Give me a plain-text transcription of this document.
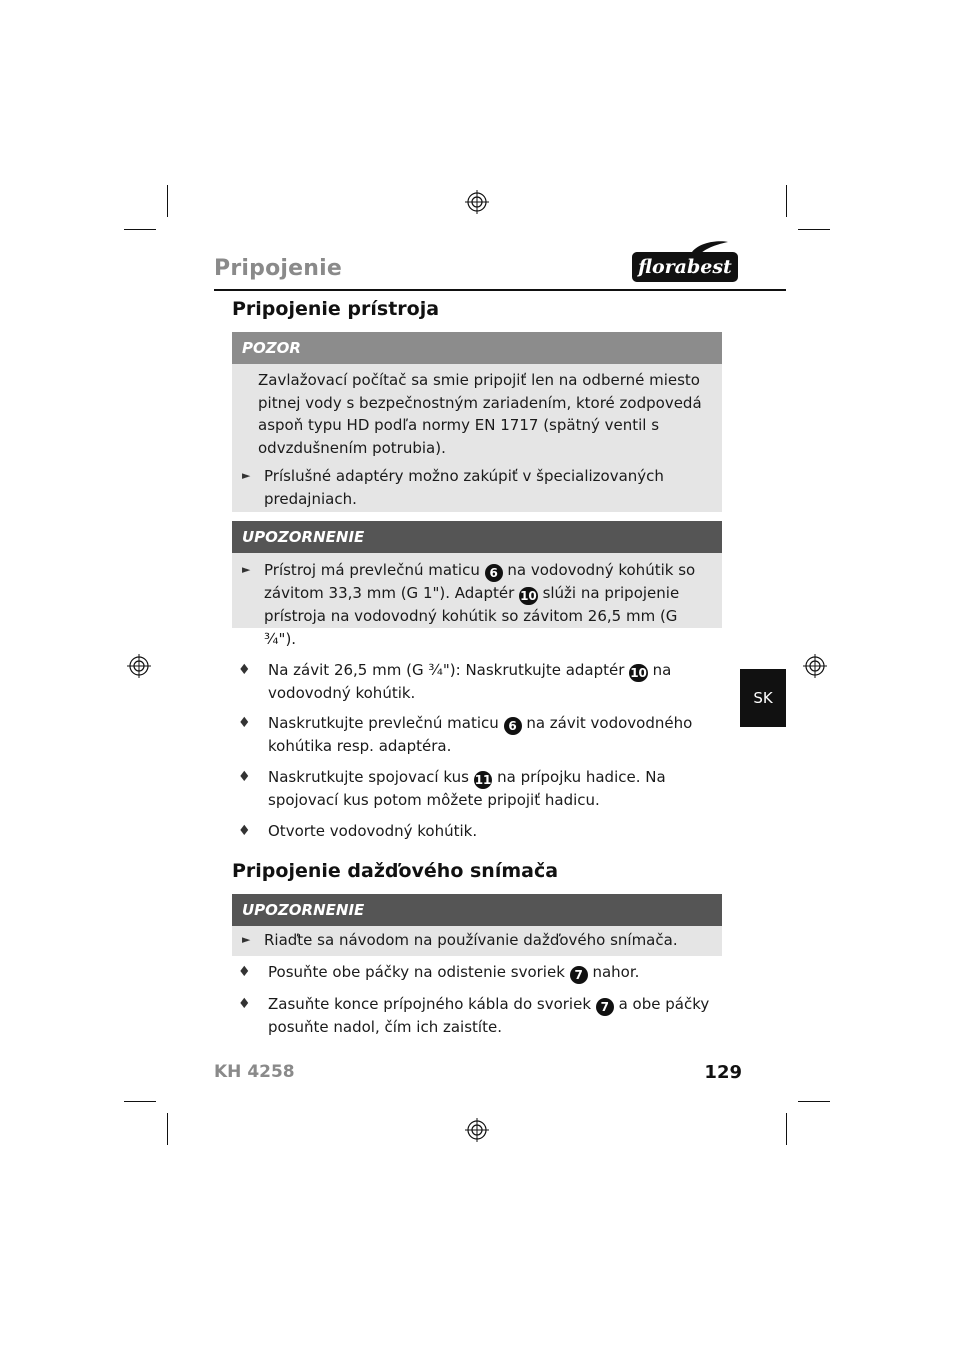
Pripojenie	florabest
SK
Pripojenie prístroja
POZOR
Zavlažovací počítač sa smie pripojiť len na odberné miesto pitnej vody s bezpečnostným zariadením, ktoré zodpovedá aspoň typu HD podľa normy EN 1717 (spätný ventil s odvzdušnením potrubia).
► Príslušné adaptéry možno zakúpiť v špecializovaných predajniach.
UPOZORNENIE
► Prístroj má prevlečnú maticu 6 na vodovodný kohútik so závitom 33,3 mm (G 1"). Adaptér 10 slúži na pripojenie prístroja na vodovodný kohútik so závitom 26,5 mm (G ¾").
♦ Na závit 26,5 mm (G ¾"): Naskrutkujte adaptér 10 na vodovodný kohútik.
♦ Naskrutkujte prevlečnú maticu 6 na závit vodovodného kohútika resp. adaptéra.
♦ Naskrutkujte spojovací kus 11 na prípojku hadice. Na spojovací kus potom môžete pripojiť hadicu.
♦ Otvorte vodovodný kohútik.
Pripojenie dažďového snímača
UPOZORNENIE
► Riaďte sa návodom na používanie dažďového snímača.
♦ Posuňte obe páčky na odistenie svoriek 7 nahor.
♦ Zasuňte konce prípojného kábla do svoriek 7 a obe páčky posuňte nadol, čím ich zaistíte.
KH 4258	129
